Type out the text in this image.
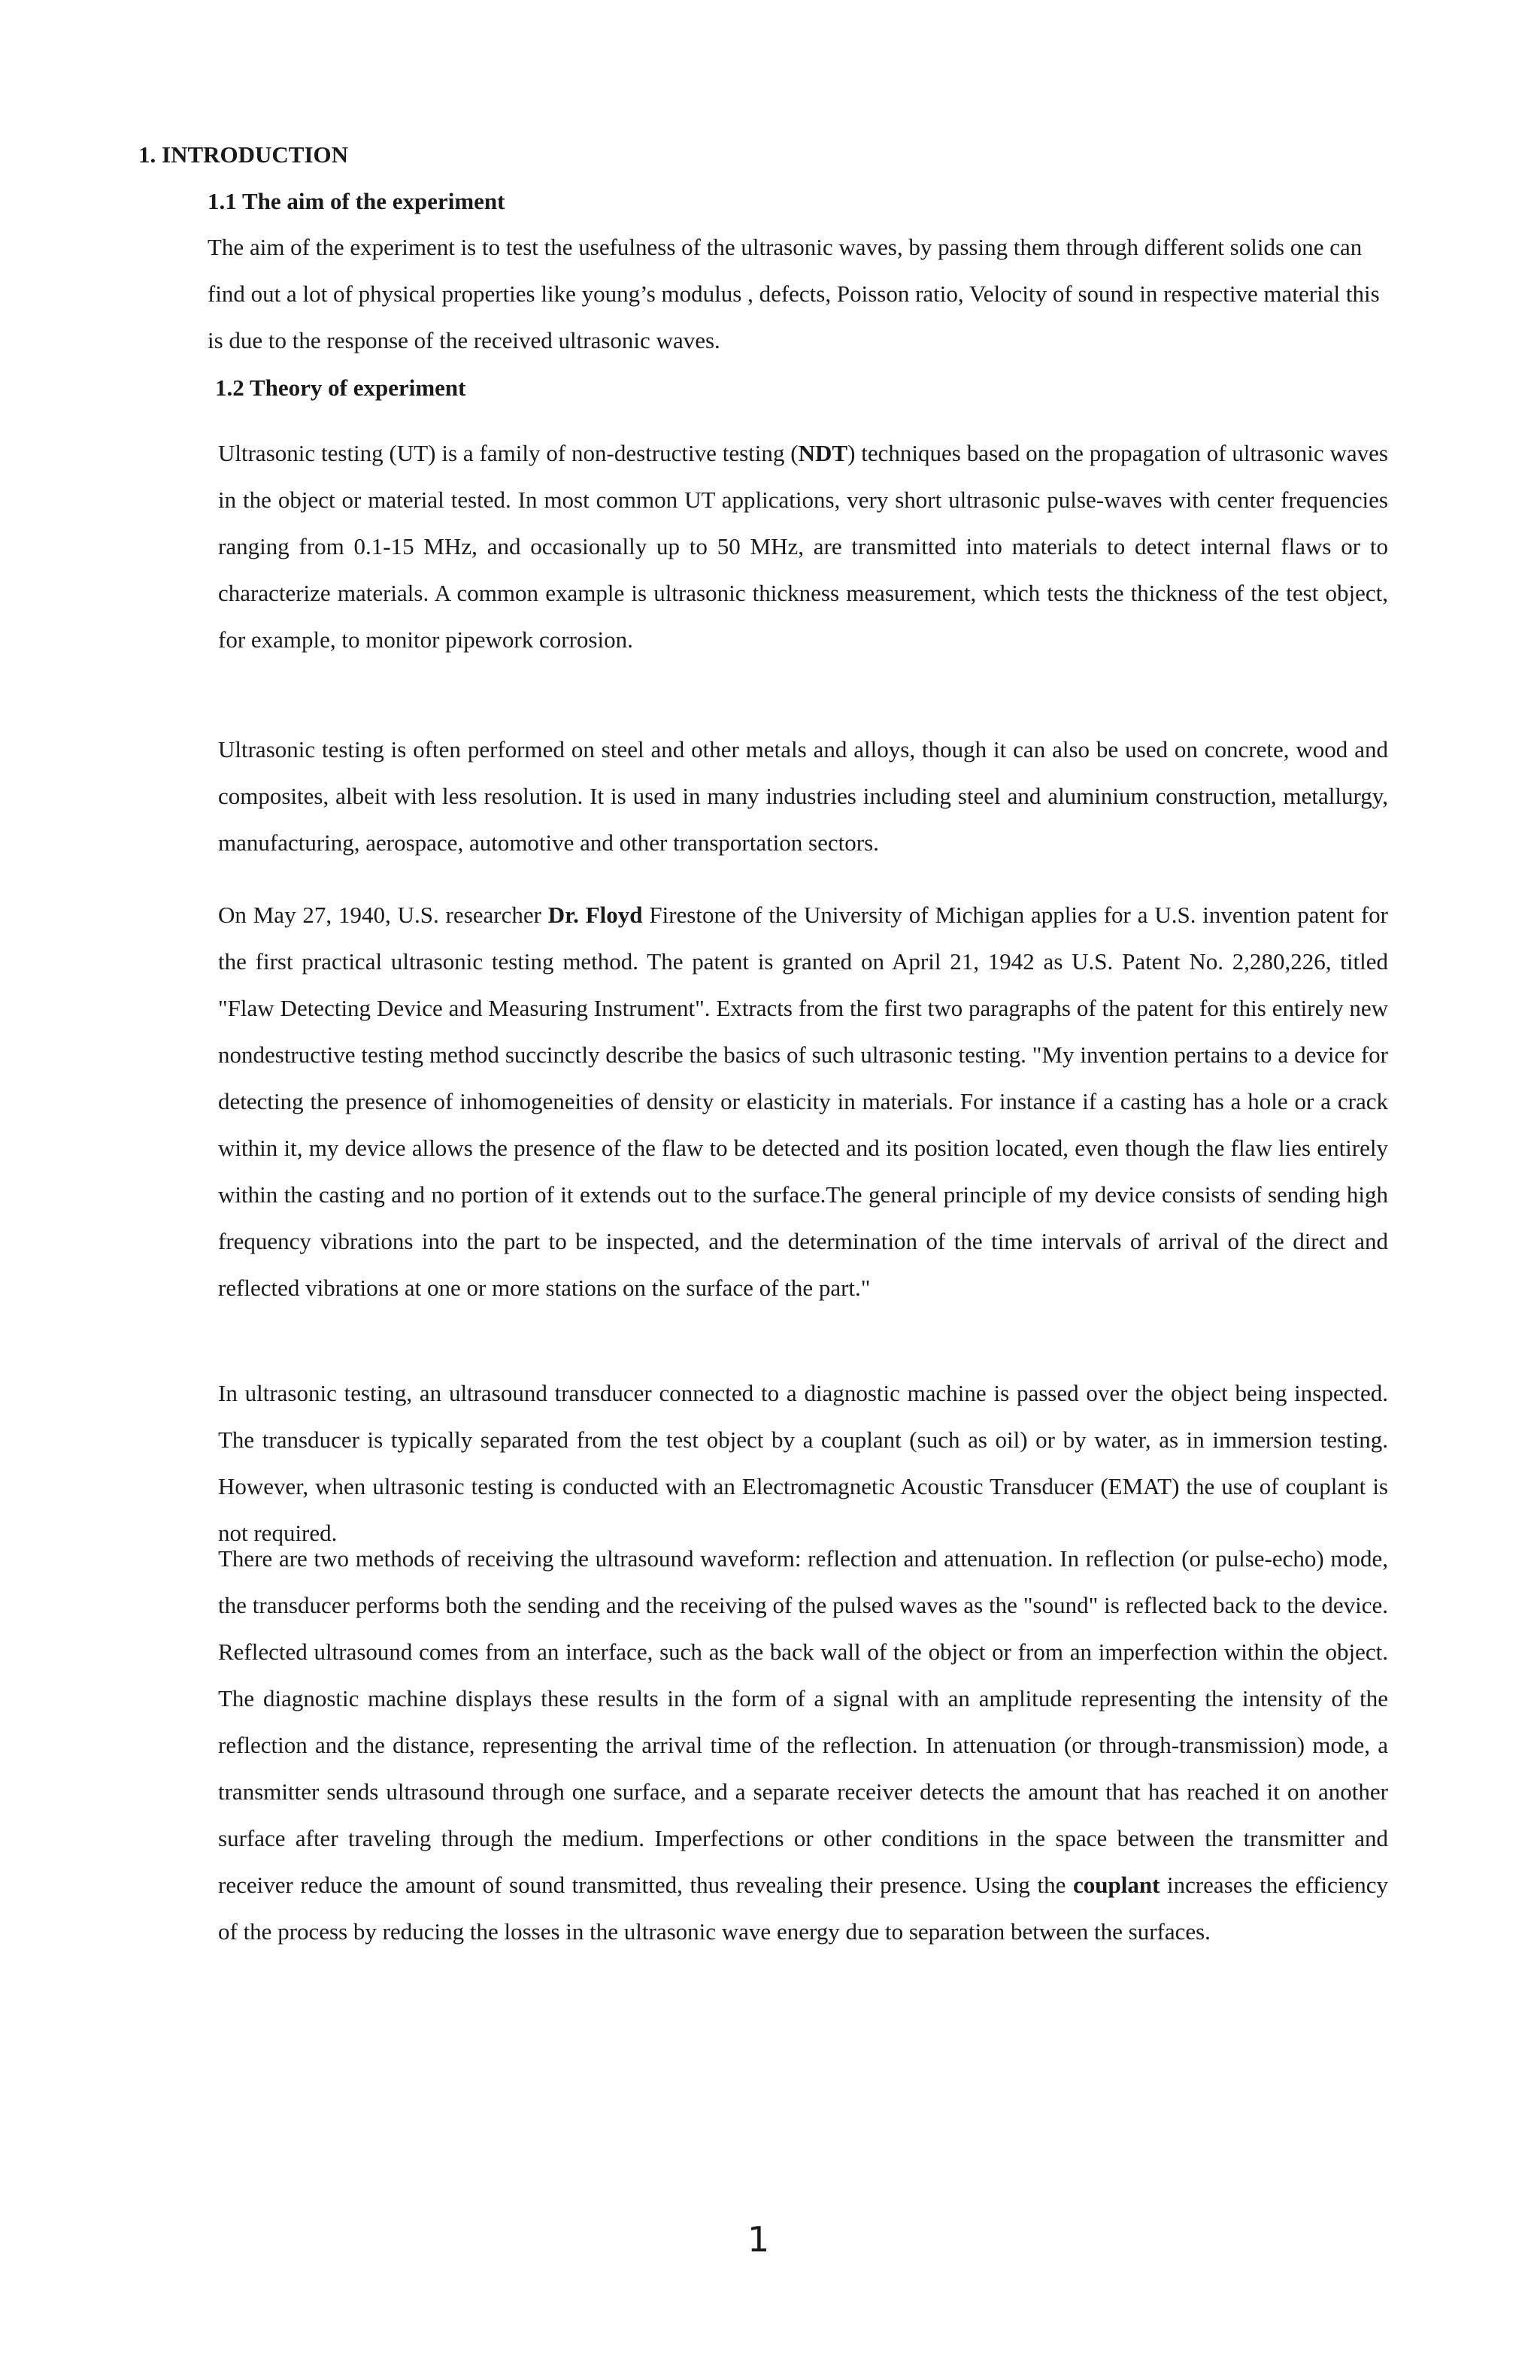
1. INTRODUCTION
1.1 The aim of the experiment

The aim of the experiment is to test the usefulness of the ultrasonic waves, by passing them through different solids one can find out a lot of physical properties like young’s modulus , defects, Poisson ratio, Velocity of sound in respective material this is due to the response of the received ultrasonic waves.

1.2 Theory of experiment

Ultrasonic testing (UT) is a family of non-destructive testing (NDT) techniques based on the propagation of ultrasonic waves in the object or material tested. In most common UT applications, very short ultrasonic pulse-waves with center frequencies ranging from 0.1-15 MHz, and occasionally up to 50 MHz, are transmitted into materials to detect internal flaws or to characterize materials. A common example is ultrasonic thickness measurement, which tests the thickness of the test object, for example, to monitor pipework corrosion.

Ultrasonic testing is often performed on steel and other metals and alloys, though it can also be used on concrete, wood and composites, albeit with less resolution. It is used in many industries including steel and aluminium construction, metallurgy, manufacturing, aerospace, automotive and other transportation sectors.

On May 27, 1940, U.S. researcher Dr. Floyd Firestone of the University of Michigan applies for a U.S. invention patent for the first practical ultrasonic testing method. The patent is granted on April 21, 1942 as U.S. Patent No. 2,280,226, titled "Flaw Detecting Device and Measuring Instrument". Extracts from the first two paragraphs of the patent for this entirely new nondestructive testing method succinctly describe the basics of such ultrasonic testing. "My invention pertains to a device for detecting the presence of inhomogeneities of density or elasticity in materials. For instance if a casting has a hole or a crack within it, my device allows the presence of the flaw to be detected and its position located, even though the flaw lies entirely within the casting and no portion of it extends out to the surface.The general principle of my device consists of sending high frequency vibrations into the part to be inspected, and the determination of the time intervals of arrival of the direct and reflected vibrations at one or more stations on the surface of the part."

In ultrasonic testing, an ultrasound transducer connected to a diagnostic machine is passed over the object being inspected. The transducer is typically separated from the test object by a couplant (such as oil) or by water, as in immersion testing. However, when ultrasonic testing is conducted with an Electromagnetic Acoustic Transducer (EMAT) the use of couplant is not required.

There are two methods of receiving the ultrasound waveform: reflection and attenuation. In reflection (or pulse-echo) mode, the transducer performs both the sending and the receiving of the pulsed waves as the "sound" is reflected back to the device. Reflected ultrasound comes from an interface, such as the back wall of the object or from an imperfection within the object. The diagnostic machine displays these results in the form of a signal with an amplitude representing the intensity of the reflection and the distance, representing the arrival time of the reflection. In attenuation (or through-transmission) mode, a transmitter sends ultrasound through one surface, and a separate receiver detects the amount that has reached it on another surface after traveling through the medium. Imperfections or other conditions in the space between the transmitter and receiver reduce the amount of sound transmitted, thus revealing their presence. Using the couplant increases the efficiency of the process by reducing the losses in the ultrasonic wave energy due to separation between the surfaces.

1
